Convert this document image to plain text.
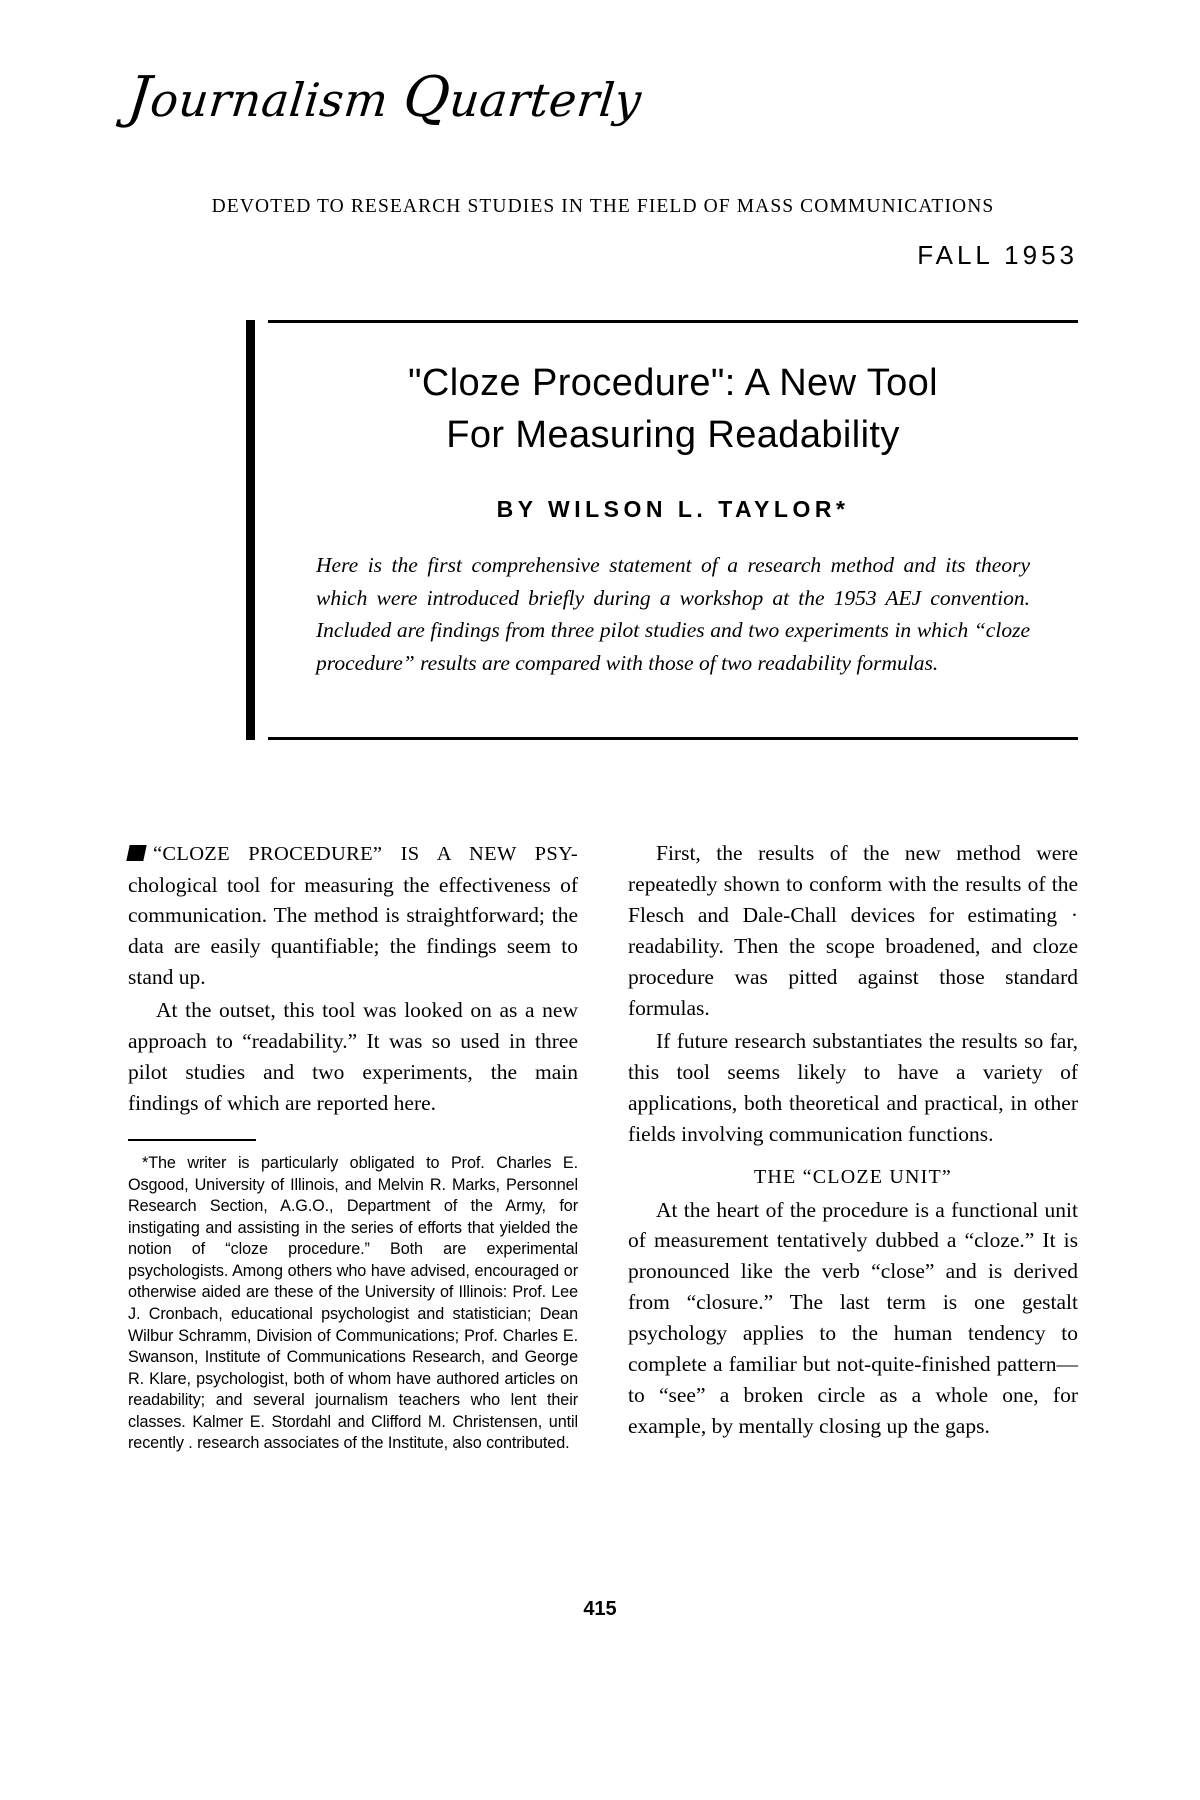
Journalism Quarterly
DEVOTED TO RESEARCH STUDIES IN THE FIELD OF MASS COMMUNICATIONS
FALL 1953
"Cloze Procedure": A New Tool
For Measuring Readability
BY WILSON L. TAYLOR*
Here is the first comprehensive statement of a research method and its theory which were introduced briefly during a workshop at the 1953 AEJ convention. Included are findings from three pilot studies and two experiments in which “cloze procedure” results are compared with those of two readability formulas.

“CLOZE PROCEDURE” IS A NEW PSY-chological tool for measuring the effectiveness of communication. The method is straightforward; the data are easily quantifiable; the findings seem to stand up.

At the outset, this tool was looked on as a new approach to “readability.” It was so used in three pilot studies and two experiments, the main findings of which are reported here.

*The writer is particularly obligated to Prof. Charles E. Osgood, University of Illinois, and Melvin R. Marks, Personnel Research Section, A.G.O., Department of the Army, for instigating and assisting in the series of efforts that yielded the notion of “cloze procedure.” Both are experimental psychologists. Among others who have advised, encouraged or otherwise aided are these of the University of Illinois: Prof. Lee J. Cronbach, educational psychologist and statistician; Dean Wilbur Schramm, Division of Communications; Prof. Charles E. Swanson, Institute of Communications Research, and George R. Klare, psychologist, both of whom have authored articles on readability; and several journalism teachers who lent their classes. Kalmer E. Stordahl and Clifford M. Christensen, until recently . research associates of the Institute, also contributed.

First, the results of the new method were repeatedly shown to conform with the results of the Flesch and Dale-Chall devices for estimating · readability. Then the scope broadened, and cloze procedure was pitted against those standard formulas.

If future research substantiates the results so far, this tool seems likely to have a variety of applications, both theoretical and practical, in other fields involving communication functions.

THE “CLOZE UNIT”

At the heart of the procedure is a functional unit of measurement tentatively dubbed a “cloze.” It is pronounced like the verb “close” and is derived from “closure.” The last term is one gestalt psychology applies to the human tendency to complete a familiar but not-quite-finished pattern—to “see” a broken circle as a whole one, for example, by mentally closing up the gaps.

415
